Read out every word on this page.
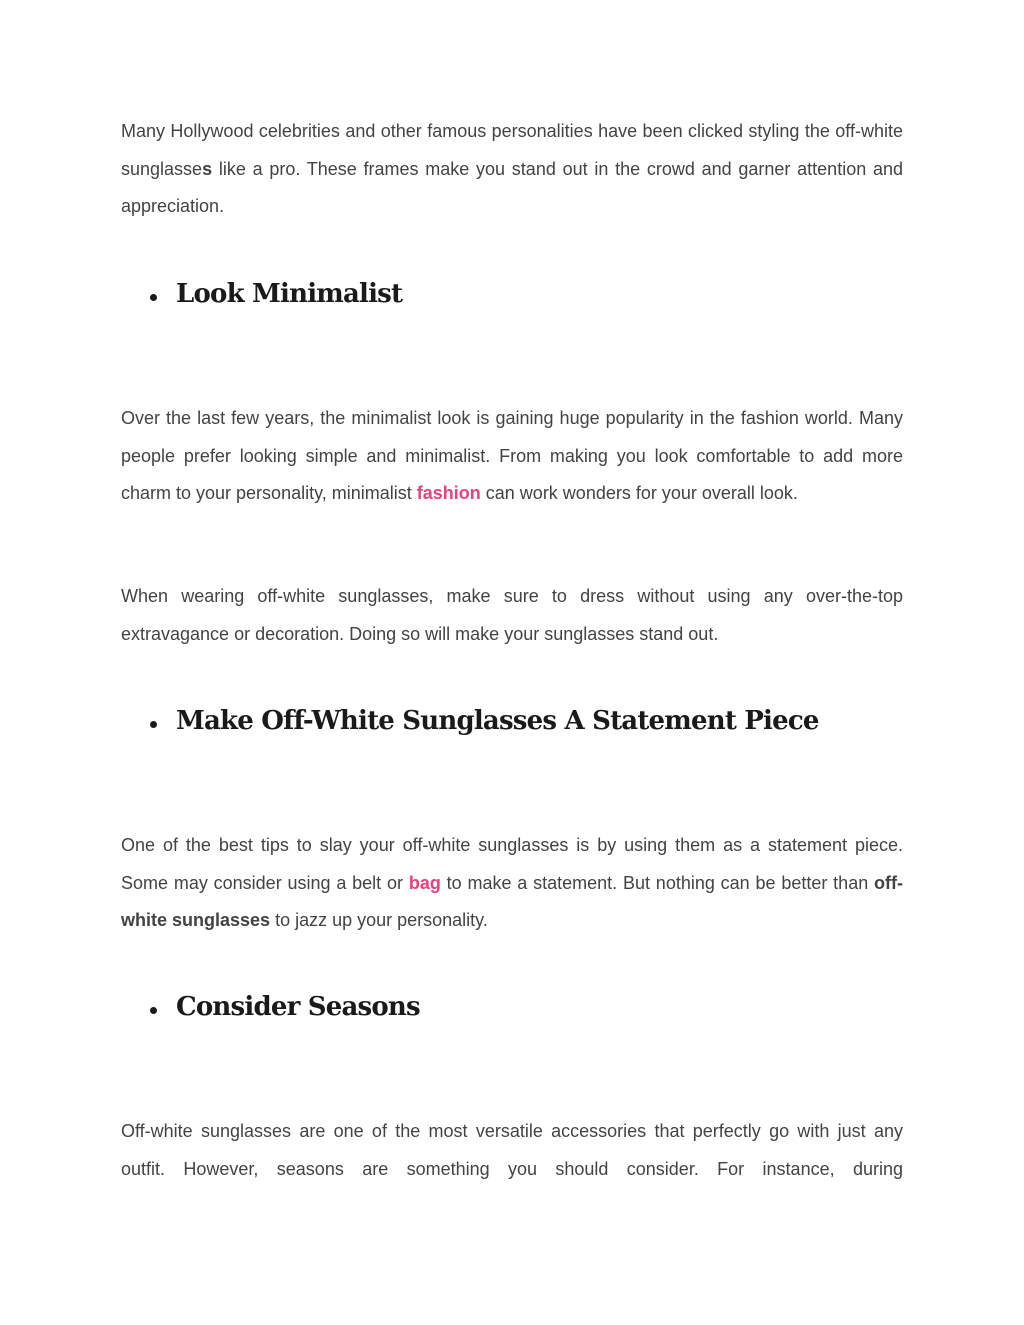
Many Hollywood celebrities and other famous personalities have been clicked styling the off-white sunglasses like a pro. These frames make you stand out in the crowd and garner attention and appreciation.

Look Minimalist

Over the last few years, the minimalist look is gaining huge popularity in the fashion world. Many people prefer looking simple and minimalist. From making you look comfortable to add more charm to your personality, minimalist fashion can work wonders for your overall look.

When wearing off-white sunglasses, make sure to dress without using any over-the-top extravagance or decoration. Doing so will make your sunglasses stand out.

Make Off-White Sunglasses A Statement Piece

One of the best tips to slay your off-white sunglasses is by using them as a statement piece. Some may consider using a belt or bag to make a statement. But nothing can be better than off-white sunglasses to jazz up your personality.

Consider Seasons

Off-white sunglasses are one of the most versatile accessories that perfectly go with just any outfit. However, seasons are something you should consider. For instance, during
